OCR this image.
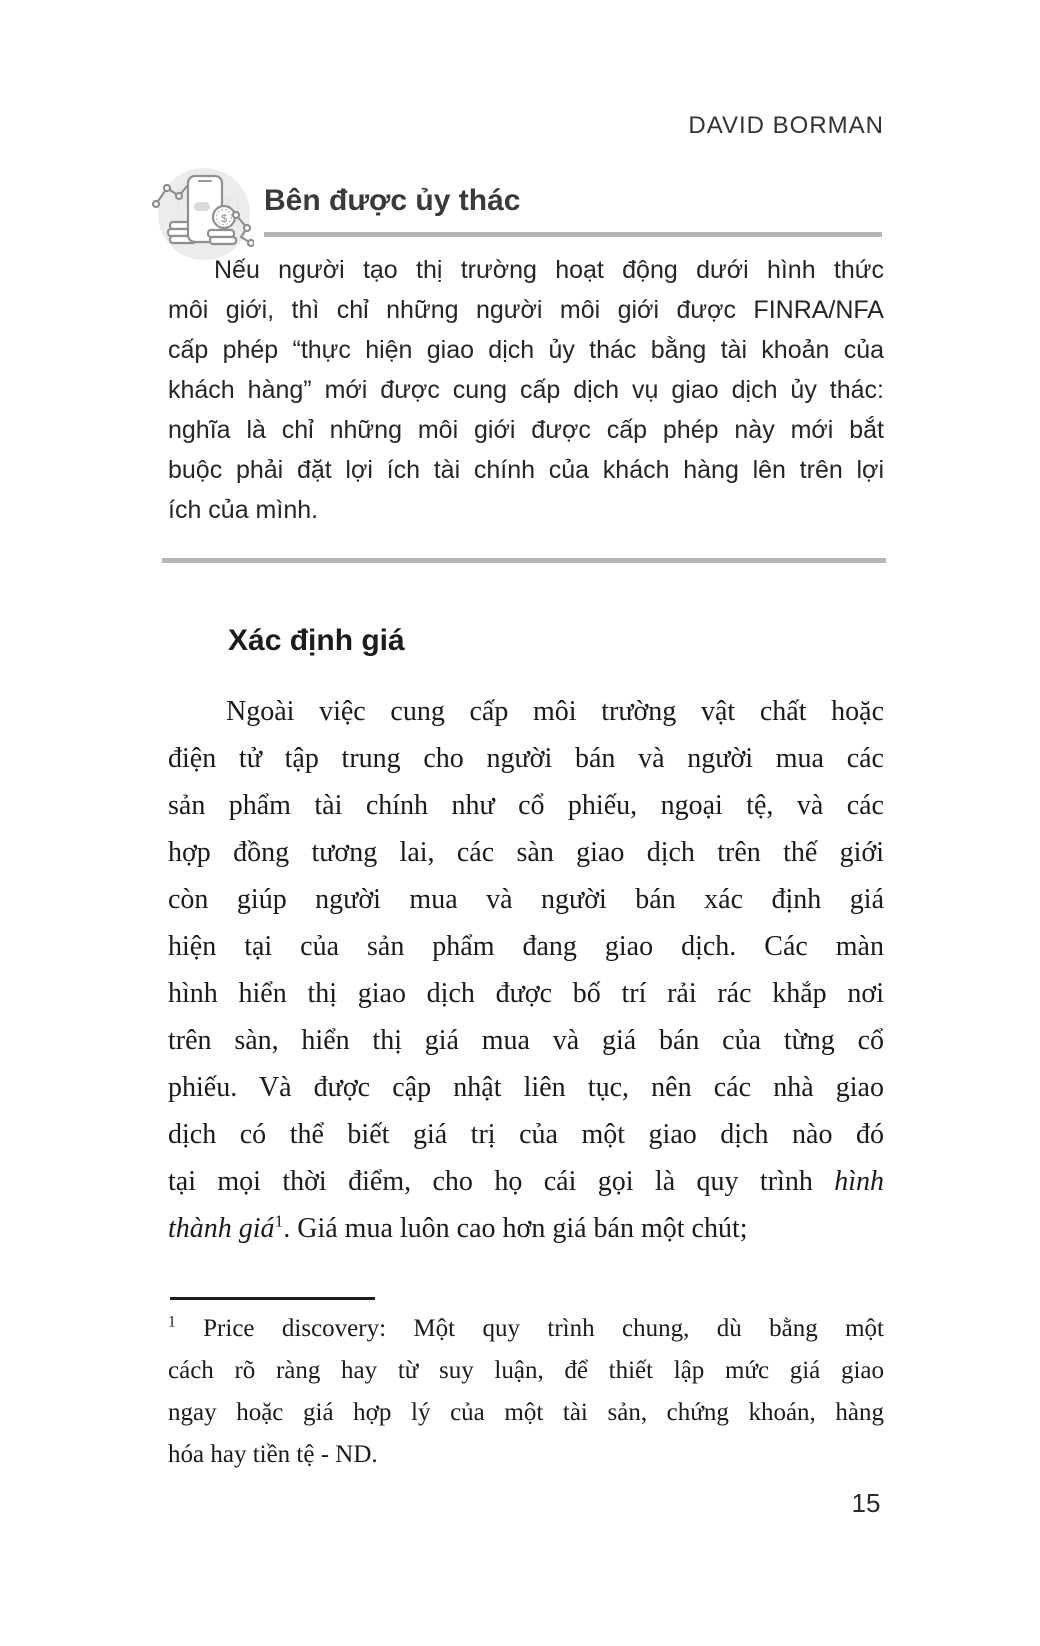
DAVID BORMAN
$
Bên được ủy thác
Nếu người tạo thị trường hoạt động dưới hình thức
môi giới, thì chỉ những người môi giới được FINRA/NFA
cấp phép “thực hiện giao dịch ủy thác bằng tài khoản của
khách hàng” mới được cung cấp dịch vụ giao dịch ủy thác:
nghĩa là chỉ những môi giới được cấp phép này mới bắt
buộc phải đặt lợi ích tài chính của khách hàng lên trên lợi
ích của mình.
Xác định giá
Ngoài việc cung cấp môi trường vật chất hoặc
điện tử tập trung cho người bán và người mua các
sản phẩm tài chính như cổ phiếu, ngoại tệ, và các
hợp đồng tương lai, các sàn giao dịch trên thế giới
còn giúp người mua và người bán xác định giá
hiện tại của sản phẩm đang giao dịch. Các màn
hình hiển thị giao dịch được bố trí rải rác khắp nơi
trên sàn, hiển thị giá mua và giá bán của từng cổ
phiếu. Và được cập nhật liên tục, nên các nhà giao
dịch có thể biết giá trị của một giao dịch nào đó
tại mọi thời điểm, cho họ cái gọi là quy trình hình
thành giá$^1$. Giá mua luôn cao hơn giá bán một chút;
$^1$ Price discovery: Một quy trình chung, dù bằng một
cách rõ ràng hay từ suy luận, để thiết lập mức giá giao
ngay hoặc giá hợp lý của một tài sản, chứng khoán, hàng
hóa hay tiền tệ - ND.
15
